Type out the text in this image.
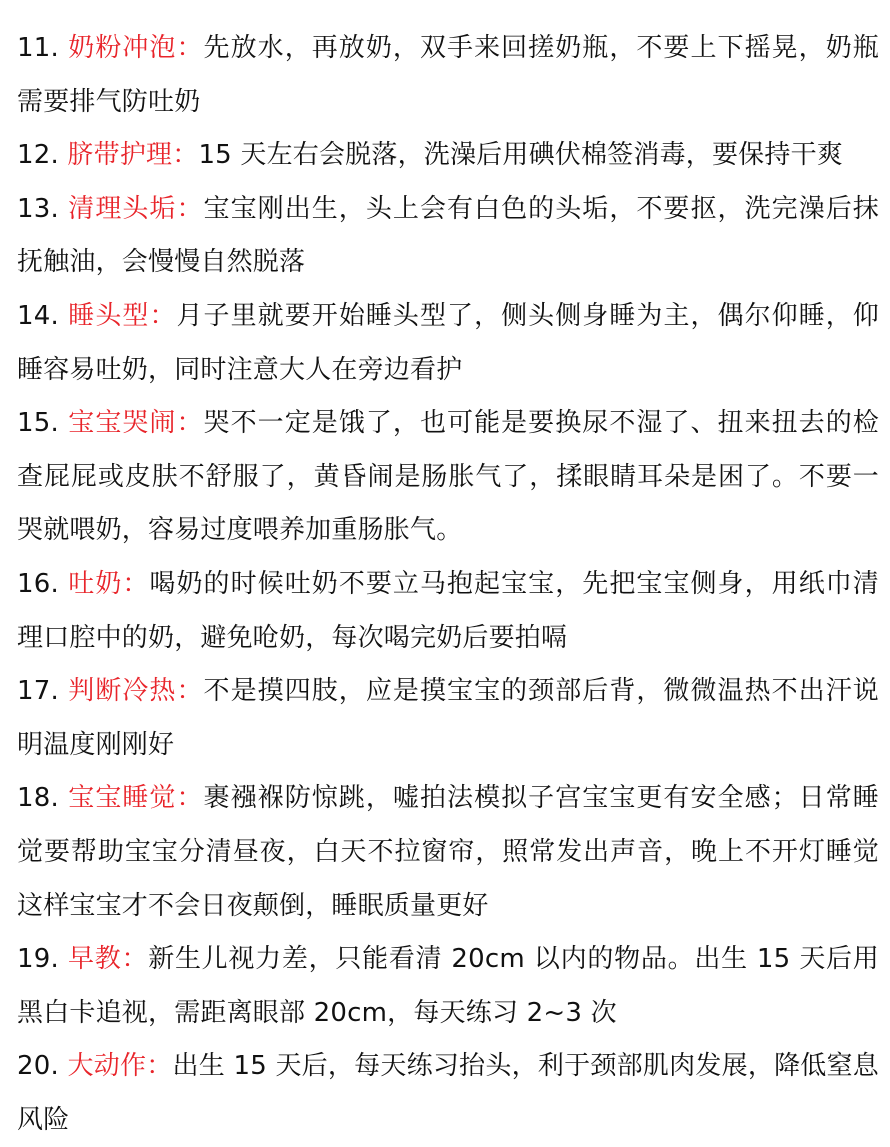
11. 奶粉冲泡：先放水，再放奶，双手来回搓奶瓶，不要上下摇晃，奶瓶需要排气防吐奶

12. 脐带护理：15 天左右会脱落，洗澡后用碘伏棉签消毒，要保持干爽

13. 清理头垢：宝宝刚出生，头上会有白色的头垢，不要抠，洗完澡后抹抚触油，会慢慢自然脱落

14. 睡头型：月子里就要开始睡头型了，侧头侧身睡为主，偶尔仰睡，仰睡容易吐奶，同时注意大人在旁边看护

15. 宝宝哭闹：哭不一定是饿了，也可能是要换尿不湿了、扭来扭去的检查屁屁或皮肤不舒服了，黄昏闹是肠胀气了，揉眼睛耳朵是困了。不要一哭就喂奶，容易过度喂养加重肠胀气。

16. 吐奶：喝奶的时候吐奶不要立马抱起宝宝，先把宝宝侧身，用纸巾清理口腔中的奶，避免呛奶，每次喝完奶后要拍嗝

17. 判断冷热：不是摸四肢，应是摸宝宝的颈部后背，微微温热不出汗说明温度刚刚好

18. 宝宝睡觉：裹襁褓防惊跳，嘘拍法模拟子宫宝宝更有安全感；日常睡觉要帮助宝宝分清昼夜，白天不拉窗帘，照常发出声音，晚上不开灯睡觉这样宝宝才不会日夜颠倒，睡眠质量更好

19. 早教：新生儿视力差，只能看清 20cm 以内的物品。出生 15 天后用黑白卡追视，需距离眼部 20cm，每天练习 2~3 次

20. 大动作：出生 15 天后，每天练习抬头，利于颈部肌肉发展，降低窒息风险
